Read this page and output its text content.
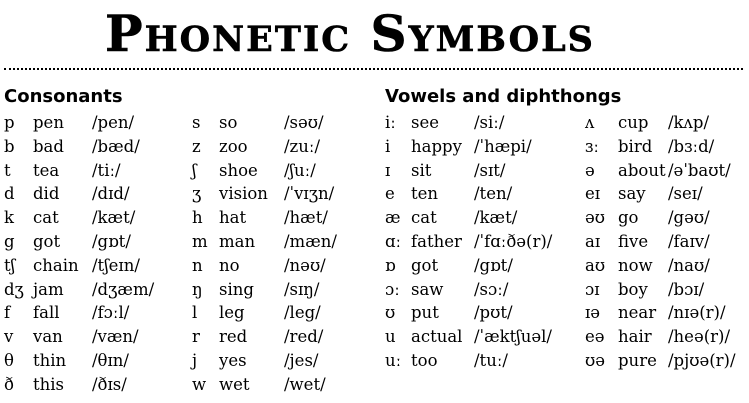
Phonetic Symbols
Consonants	Vowels and diphthongs
p pen /pen/
b bad /bæd/
t tea /tiː/
d did /dɪd/
k cat /kæt/
g got /gɒt/
tʃ chain /tʃeɪn/
dʒ jam /dʒæm/
f fall /fɔːl/
v van /væn/
θ thin /θɪn/
ð this /ðɪs/
s so	/səʊ/
z zoo /zuː/
ʃ shoe /ʃuː/
ʒ vision /ˈvɪʒn/
h hat /hæt/
m man /mæn/
n no	/nəʊ/
ŋ sing /sɪŋ/
l leg /leg/
r red /red/
j yes /jes/
w wet /wet/
iː see /siː/
i happy /ˈhæpi/
ɪ sit	/sɪt/
e ten /ten/
æ cat /kæt/
ɑː father /ˈfɑːðə(r)/
ɒ got /gɒt/
ɔː saw /sɔː/
ʊ put /pʊt/
u actual /ˈæktʃuəl/
uː too /tuː/
ʌ cup /kʌp/
ɜː bird /bɜːd/
ə about /əˈbaʊt/
eɪ say /seɪ/
əʊ go /gəʊ/
aɪ five /faɪv/
aʊ now /naʊ/
ɔɪ boy /bɔɪ/
ɪə near /nɪə(r)/
eə hair /heə(r)/
ʊə pure /pjʊə(r)/
